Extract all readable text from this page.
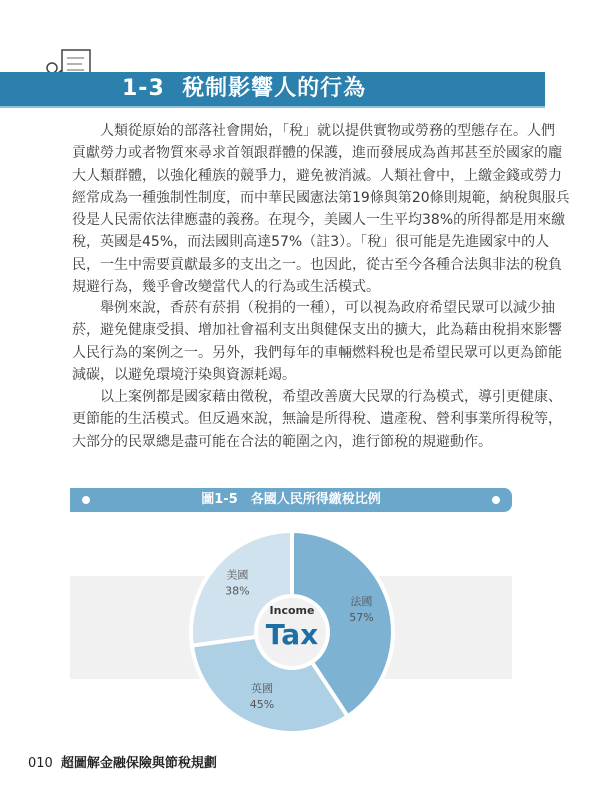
1-3 稅制影響人的行為
　　人類從原始的部落社會開始，「稅」就以提供實物或勞務的型態存在。人們
貢獻勞力或者物質來尋求首領跟群體的保護，進而發展成為酋邦甚至於國家的龐
大人類群體，以強化種族的競爭力，避免被消滅。人類社會中，上繳金錢或勞力
經常成為一種強制性制度，而中華民國憲法第19條與第20條則規範，納稅與服兵
役是人民需依法律應盡的義務。在現今，美國人一生平均38%的所得都是用來繳
稅，英國是45%，而法國則高達57%（註3）。「稅」很可能是先進國家中的人
民，一生中需要貢獻最多的支出之一。也因此，從古至今各種合法與非法的稅負
規避行為，幾乎會改變當代人的行為或生活模式。
　　舉例來說，香菸有菸捐（稅捐的一種），可以視為政府希望民眾可以減少抽
菸，避免健康受損、增加社會福利支出與健保支出的擴大，此為藉由稅捐來影響
人民行為的案例之一。另外，我們每年的車輛燃料稅也是希望民眾可以更為節能
減碳，以避免環境汙染與資源耗竭。
　　以上案例都是國家藉由徵稅，希望改善廣大民眾的行為模式，導引更健康、
更節能的生活模式。但反過來說，無論是所得稅、遺產稅、營利事業所得稅等，
大部分的民眾總是盡可能在合法的範圍之內，進行節稅的規避動作。
圖1-5　各國人民所得繳稅比例
法國
57%
英國
45%
美國
38%
Income
Tax
010 超圖解金融保險與節稅規劃
